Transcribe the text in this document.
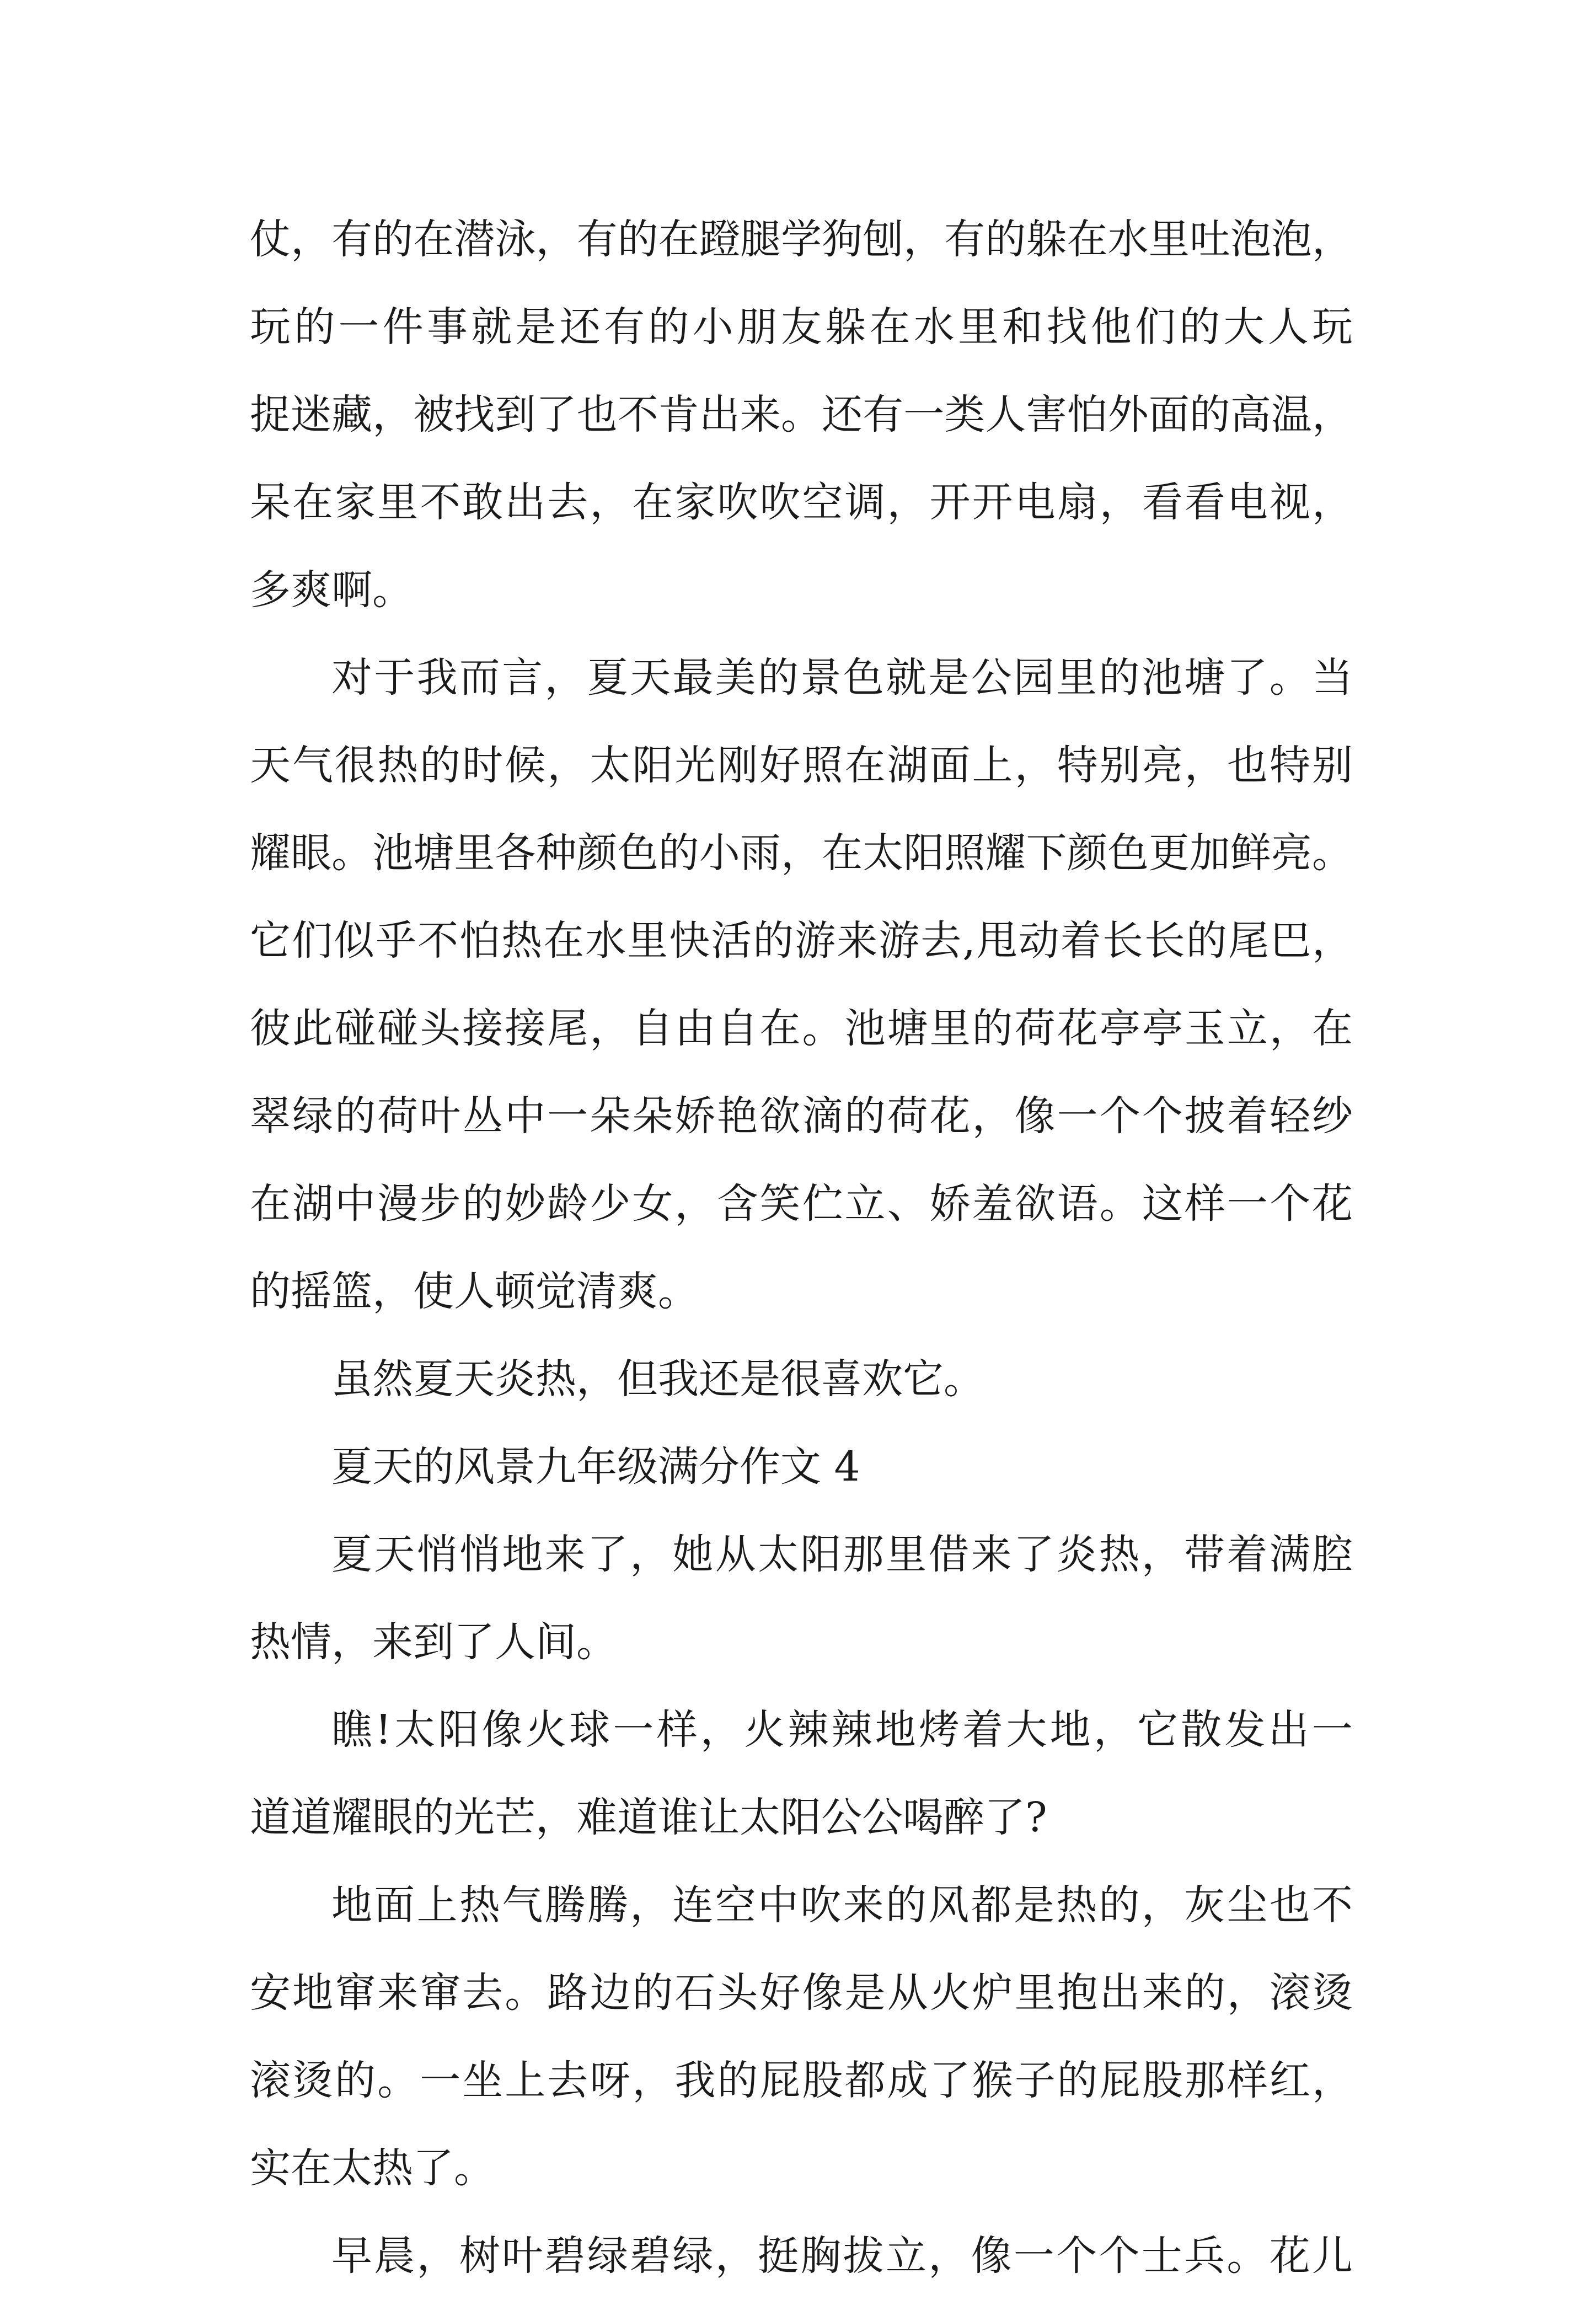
仗，有的在潜泳，有的在蹬腿学狗刨，有的躲在水里吐泡泡，
玩的一件事就是还有的小朋友躲在水里和找他们的大人玩
捉迷藏，被找到了也不肯出来。还有一类人害怕外面的高温，
呆在家里不敢出去，在家吹吹空调，开开电扇，看看电视，
多爽啊。
对于我而言，夏天最美的景色就是公园里的池塘了。当
天气很热的时候，太阳光刚好照在湖面上，特别亮，也特别
耀眼。池塘里各种颜色的小雨，在太阳照耀下颜色更加鲜亮。
它们似乎不怕热在水里快活的游来游去,甩动着长长的尾巴，
彼此碰碰头接接尾，自由自在。池塘里的荷花亭亭玉立，在
翠绿的荷叶丛中一朵朵娇艳欲滴的荷花，像一个个披着轻纱
在湖中漫步的妙龄少女，含笑伫立、娇羞欲语。这样一个花
的摇篮，使人顿觉清爽。
虽然夏天炎热，但我还是很喜欢它。
夏天的风景九年级满分作文 4
夏天悄悄地来了，她从太阳那里借来了炎热，带着满腔
热情，来到了人间。
瞧!太阳像火球一样，火辣辣地烤着大地，它散发出一
道道耀眼的光芒，难道谁让太阳公公喝醉了?
地面上热气腾腾，连空中吹来的风都是热的，灰尘也不
安地窜来窜去。路边的石头好像是从火炉里抱出来的，滚烫
滚烫的。一坐上去呀，我的屁股都成了猴子的屁股那样红，
实在太热了。
早晨，树叶碧绿碧绿，挺胸拔立，像一个个士兵。花儿
